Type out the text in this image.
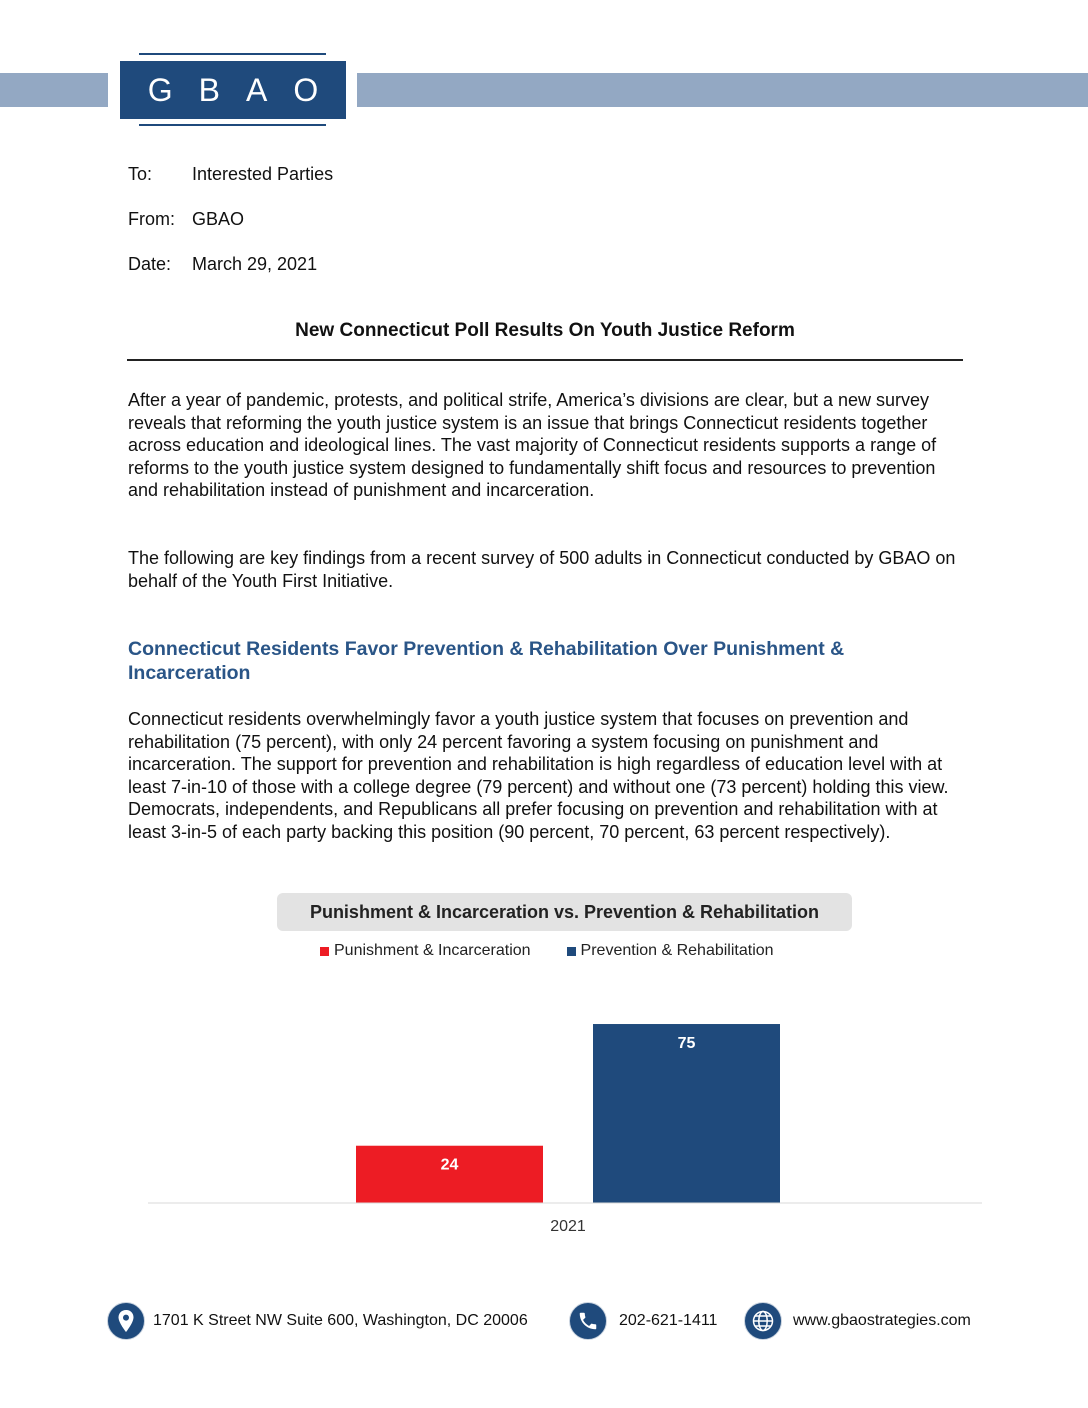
GBAO
To: Interested Parties
From: GBAO
Date: March 29, 2021
New Connecticut Poll Results On Youth Justice Reform

After a year of pandemic, protests, and political strife, America’s divisions are clear, but a new survey reveals that reforming the youth justice system is an issue that brings Connecticut residents together across education and ideological lines. The vast majority of Connecticut residents supports a range of reforms to the youth justice system designed to fundamentally shift focus and resources to prevention and rehabilitation instead of punishment and incarceration.

The following are key findings from a recent survey of 500 adults in Connecticut conducted by GBAO on behalf of the Youth First Initiative.

Connecticut Residents Favor Prevention & Rehabilitation Over Punishment & Incarceration

Connecticut residents overwhelmingly favor a youth justice system that focuses on prevention and rehabilitation (75 percent), with only 24 percent favoring a system focusing on punishment and incarceration. The support for prevention and rehabilitation is high regardless of education level with at least 7-in-10 of those with a college degree (79 percent) and without one (73 percent) holding this view. Democrats, independents, and Republicans all prefer focusing on prevention and rehabilitation with at least 3-in-5 of each party backing this position (90 percent, 70 percent, 63 percent respectively).

Punishment & Incarceration vs. Prevention & Rehabilitation
Punishment & Incarceration	Prevention & Rehabilitation
24
75
2021
1701 K Street NW Suite 600, Washington, DC 20006	202-621-1411	www.gbaostrategies.com
